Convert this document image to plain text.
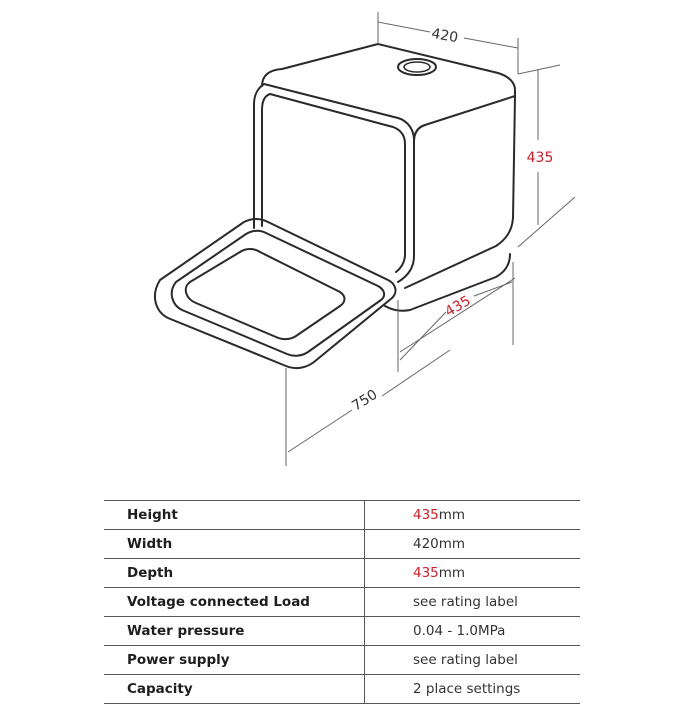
420
435
435
750
Height	435mm
Width	420mm
Depth	435mm
Voltage connected Load	see rating label
Water pressure	0.04 - 1.0MPa
Power supply	see rating label
Capacity	2 place settings
